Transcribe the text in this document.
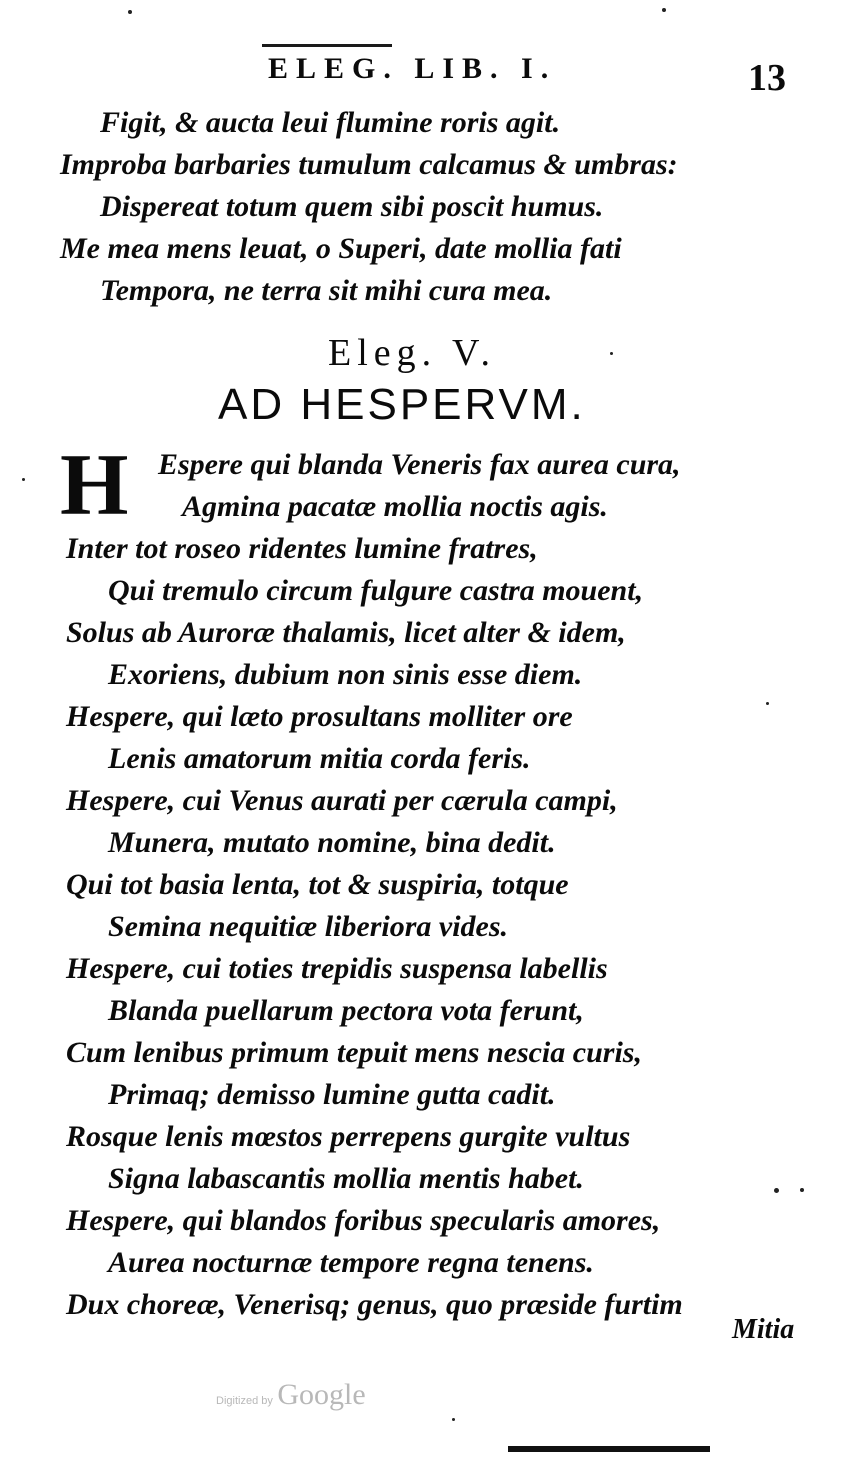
ELEG. LIB. I.	13
Figit, & aucta leui flumine roris agit.
Improba barbaries tumulum calcamus & umbras:
Dispereat totum quem sibi poscit humus.
Me mea mens leuat, o Superi, date mollia fati
Tempora, ne terra sit mihi cura mea.
Eleg. V.
AD HESPERVM.
H Espere qui blanda Veneris fax aurea cura,
Agmina pacatæ mollia noctis agis.
Inter tot roseo ridentes lumine fratres,
Qui tremulo circum fulgure castra mouent,
Solus ab Auroræ thalamis, licet alter & idem,
Exoriens, dubium non sinis esse diem.
Hespere, qui læto prosultans molliter ore
Lenis amatorum mitia corda feris.
Hespere, cui Venus aurati per cærula campi,
Munera, mutato nomine, bina dedit.
Qui tot basia lenta, tot & suspiria, totque
Semina nequitiæ liberiora vides.
Hespere, cui toties trepidis suspensa labellis
Blanda puellarum pectora vota ferunt,
Cum lenibus primum tepuit mens nescia curis,
Primaq; demisso lumine gutta cadit.
Rosque lenis mœstos perrepens gurgite vultus
Signa labascantis mollia mentis habet.
Hespere, qui blandos foribus specularis amores,
Aurea nocturnæ tempore regna tenens.
Dux choreæ, Venerisq; genus, quo præside furtim
Mitia
Digitized by Google
